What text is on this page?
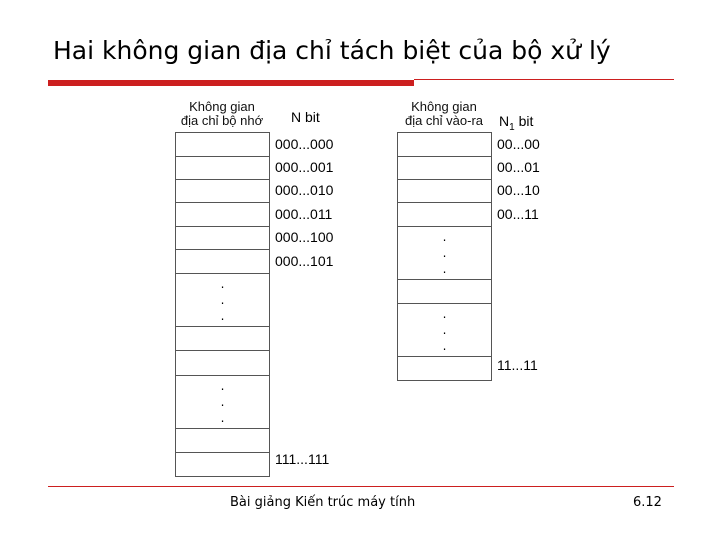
Hai không gian địa chỉ tách biệt của bộ xử lý
Không gian
địa chỉ bộ nhớ	N bit
.
.
.
.
.
.
000...000
000...001
000...010
000...011
000...100
000...101
111...111
Không gian
địa chỉ vào-ra	$N_1$ bit
.
.
.
.
.
.
00...00
00...01
00...10
00...11
11...11
Bài giảng Kiến trúc máy tính	6.12
